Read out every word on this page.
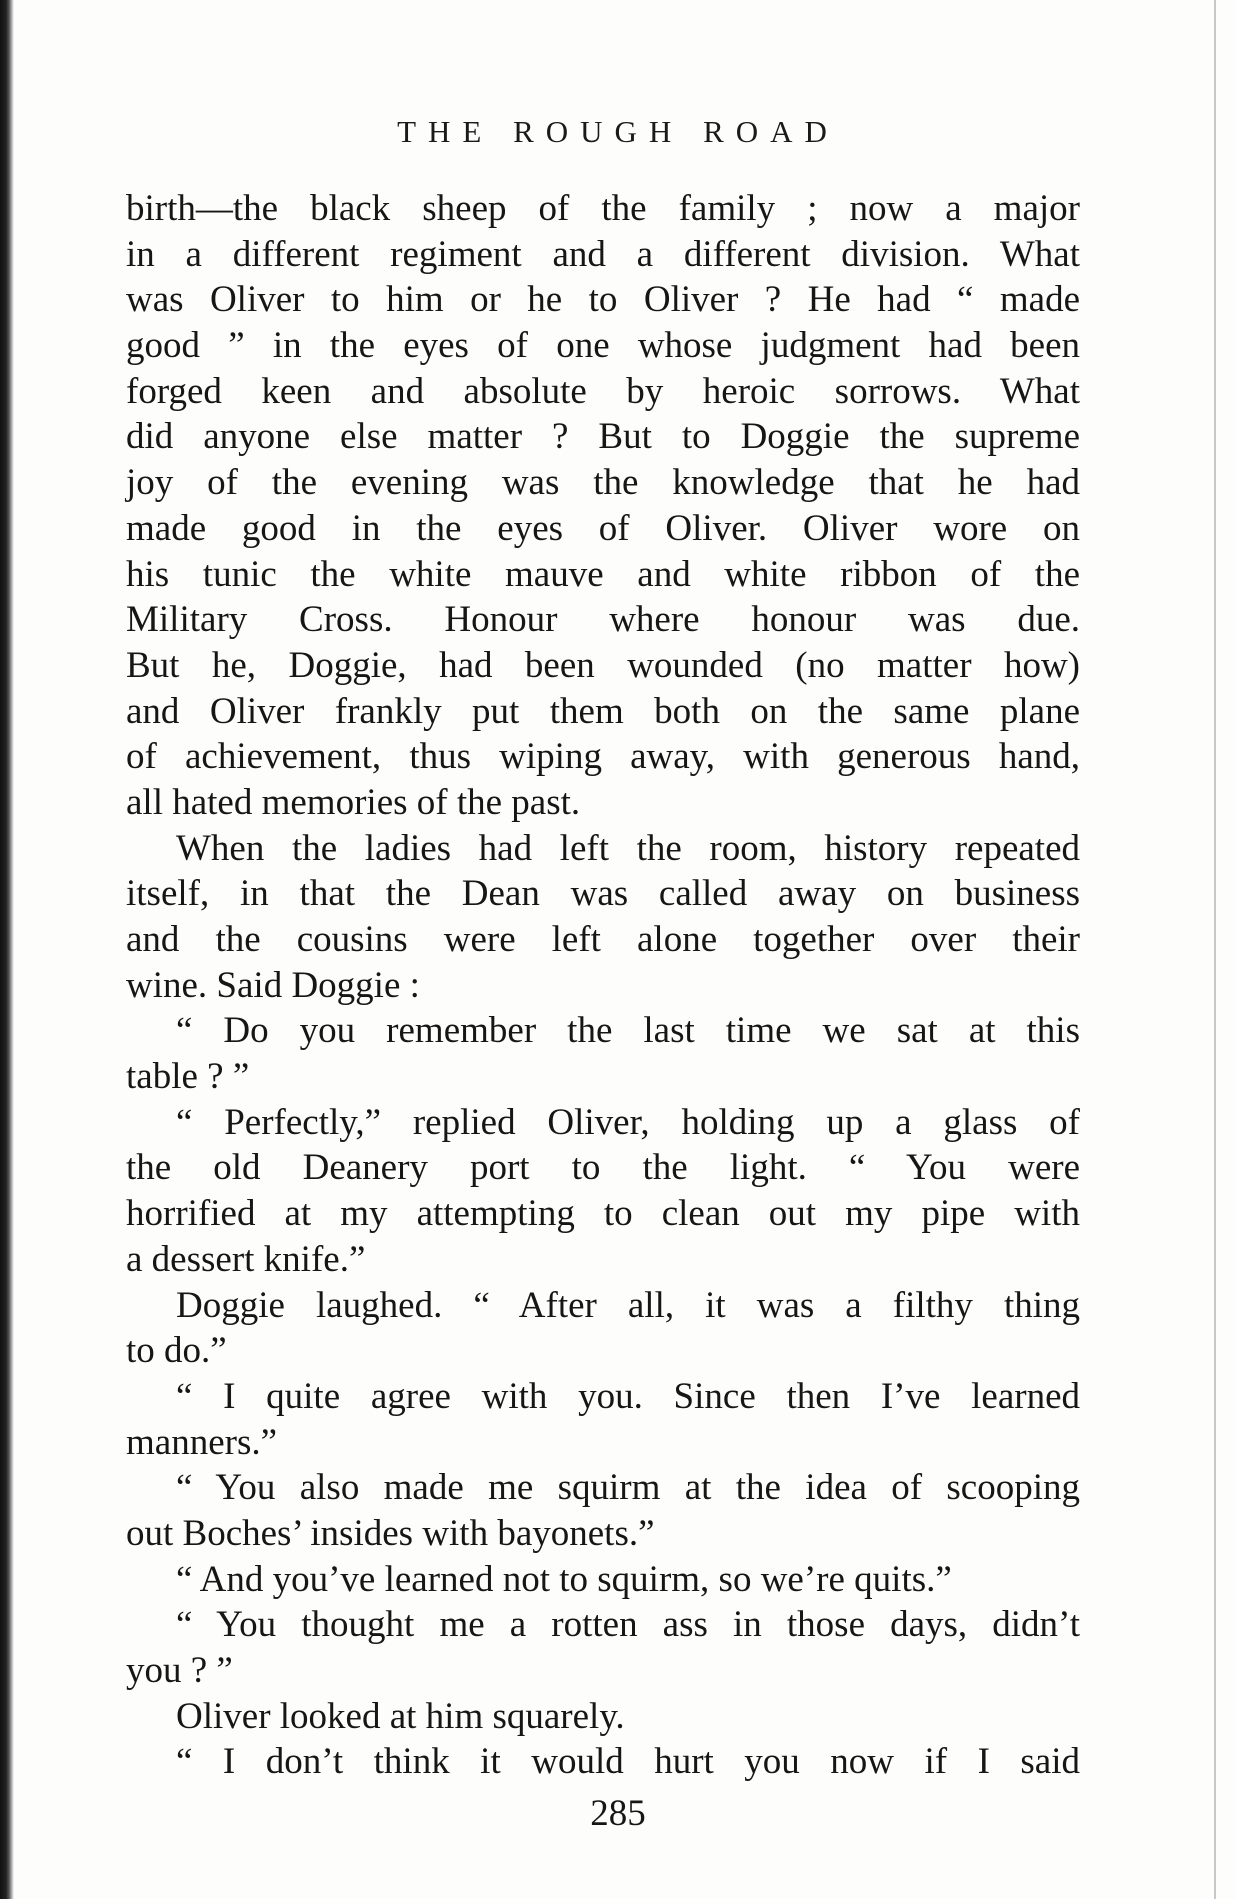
THE ROUGH ROAD
birth—the black sheep of the family ; now a major
in a different regiment and a different division. What
was Oliver to him or he to Oliver ? He had “ made
good ” in the eyes of one whose judgment had been
forged keen and absolute by heroic sorrows. What
did anyone else matter ? But to Doggie the supreme
joy of the evening was the knowledge that he had
made good in the eyes of Oliver. Oliver wore on
his tunic the white mauve and white ribbon of the
Military Cross. Honour where honour was due.
But he, Doggie, had been wounded (no matter how)
and Oliver frankly put them both on the same plane
of achievement, thus wiping away, with generous hand,
all hated memories of the past.
When the ladies had left the room, history repeated
itself, in that the Dean was called away on business
and the cousins were left alone together over their
wine. Said Doggie :
“ Do you remember the last time we sat at this
table ? ”
“ Perfectly,” replied Oliver, holding up a glass of
the old Deanery port to the light. “ You were
horrified at my attempting to clean out my pipe with
a dessert knife.”
Doggie laughed. “ After all, it was a filthy thing
to do.”
“ I quite agree with you. Since then I’ve learned
manners.”
“ You also made me squirm at the idea of scooping
out Boches’ insides with bayonets.”
“ And you’ve learned not to squirm, so we’re quits.”
“ You thought me a rotten ass in those days, didn’t
you ? ”
Oliver looked at him squarely.
“ I don’t think it would hurt you now if I said
285
